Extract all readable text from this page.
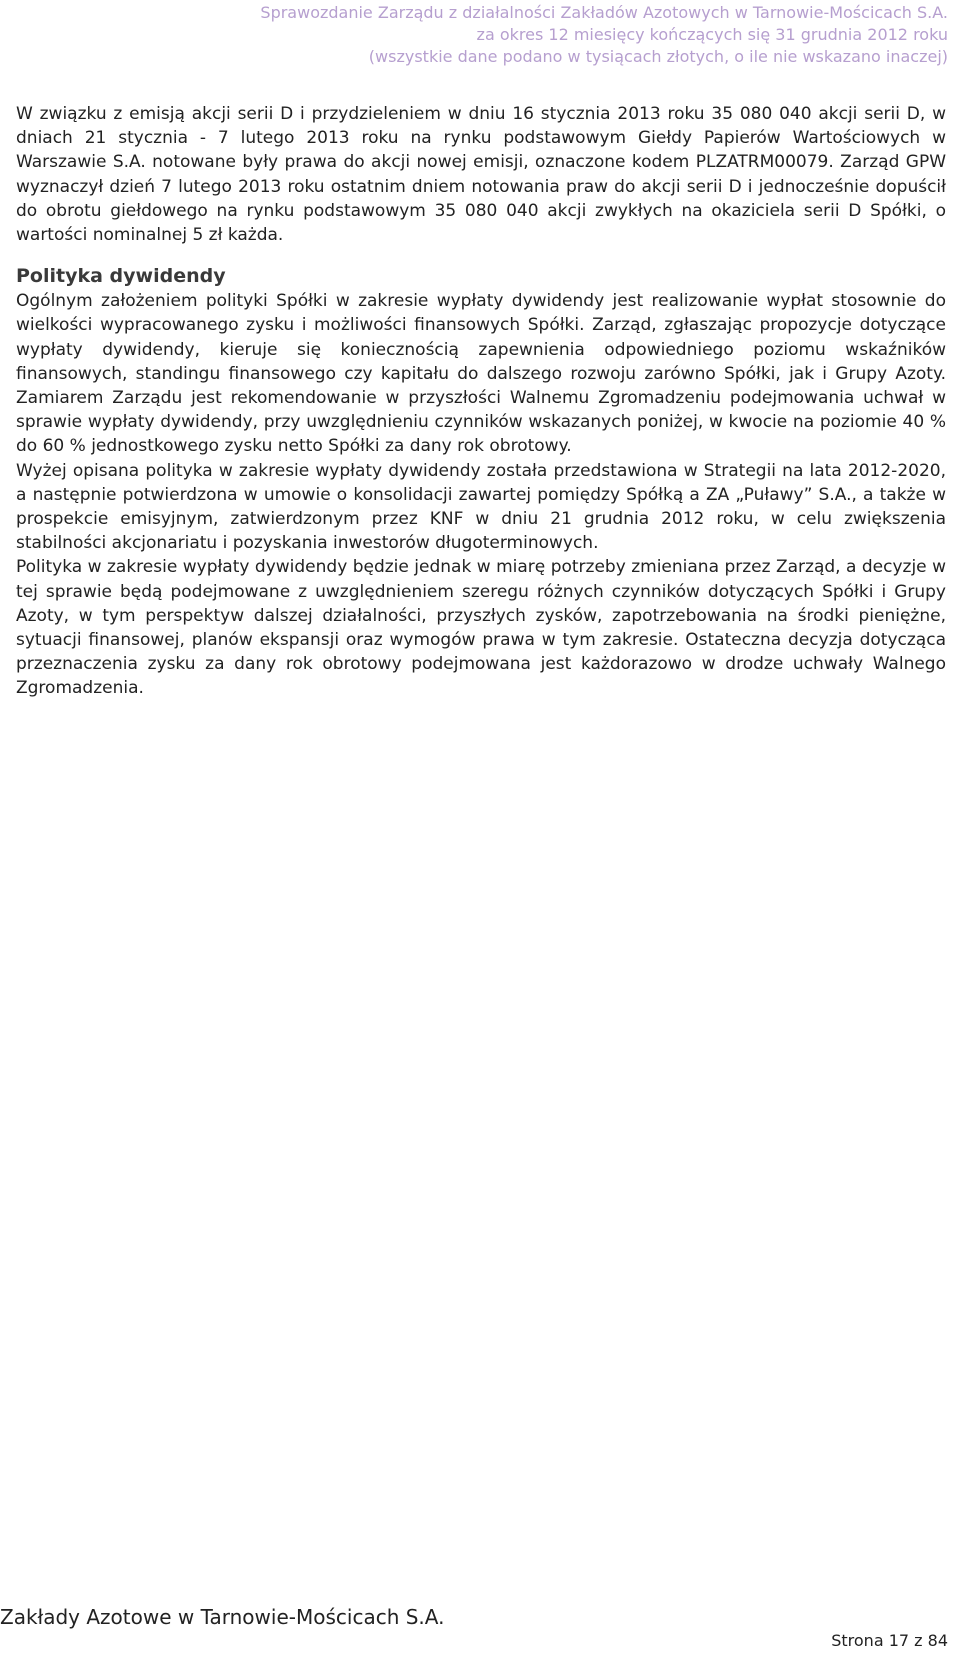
Sprawozdanie Zarządu z działalności Zakładów Azotowych w Tarnowie-Mościcach S.A.
za okres 12 miesięcy kończących się 31 grudnia 2012 roku
(wszystkie dane podano w tysiącach złotych, o ile nie wskazano inaczej)

W związku z emisją akcji serii D i przydzieleniem w dniu 16 stycznia 2013 roku 35 080 040 akcji serii D, w dniach 21 stycznia - 7 lutego 2013 roku na rynku podstawowym Giełdy Papierów Wartościowych w Warszawie S.A. notowane były prawa do akcji nowej emisji, oznaczone kodem PLZATRM00079. Zarząd GPW wyznaczył dzień 7 lutego 2013 roku ostatnim dniem notowania praw do akcji serii D i jednocześnie dopuścił do obrotu giełdowego na rynku podstawowym 35 080 040 akcji zwykłych na okaziciela serii D Spółki, o wartości nominalnej 5 zł każda.

Polityka dywidendy

Ogólnym założeniem polityki Spółki w zakresie wypłaty dywidendy jest realizowanie wypłat stosownie do wielkości wypracowanego zysku i możliwości finansowych Spółki. Zarząd, zgłaszając propozycje dotyczące wypłaty dywidendy, kieruje się koniecznością zapewnienia odpowiedniego poziomu wskaźników finansowych, standingu finansowego czy kapitału do dalszego rozwoju zarówno Spółki, jak i Grupy Azoty. Zamiarem Zarządu jest rekomendowanie w przyszłości Walnemu Zgromadzeniu podejmowania uchwał w sprawie wypłaty dywidendy, przy uwzględnieniu czynników wskazanych poniżej, w kwocie na poziomie 40 % do 60 % jednostkowego zysku netto Spółki za dany rok obrotowy.

Wyżej opisana polityka w zakresie wypłaty dywidendy została przedstawiona w Strategii na lata 2012-2020, a następnie potwierdzona w umowie o konsolidacji zawartej pomiędzy Spółką a ZA „Puławy” S.A., a także w prospekcie emisyjnym, zatwierdzonym przez KNF w dniu 21 grudnia 2012 roku, w celu zwiększenia stabilności akcjonariatu i pozyskania inwestorów długoterminowych.

Polityka w zakresie wypłaty dywidendy będzie jednak w miarę potrzeby zmieniana przez Zarząd, a decyzje w tej sprawie będą podejmowane z uwzględnieniem szeregu różnych czynników dotyczących Spółki i Grupy Azoty, w tym perspektyw dalszej działalności, przyszłych zysków, zapotrzebowania na środki pieniężne, sytuacji finansowej, planów ekspansji oraz wymogów prawa w tym zakresie. Ostateczna decyzja dotycząca przeznaczenia zysku za dany rok obrotowy podejmowana jest każdorazowo w drodze uchwały Walnego Zgromadzenia.

Zakłady Azotowe w Tarnowie-Mościcach S.A.
Strona 17 z 84
